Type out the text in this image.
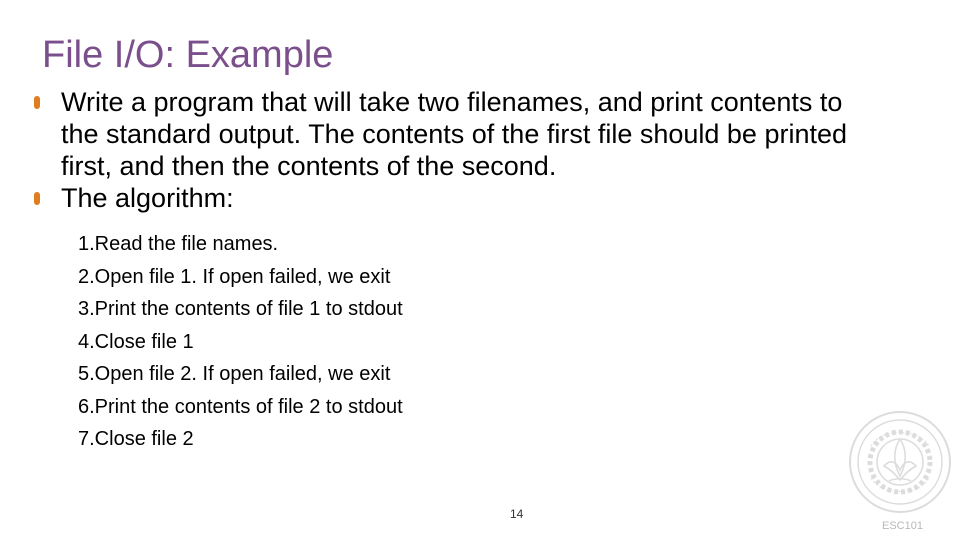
File I/O: Example
Write a program that will take two filenames, and print contents to the standard output. The contents of the first file should be printed first, and then the contents of the second.
The algorithm:
1.Read the file names.
2.Open file 1. If open failed, we exit
3.Print the contents of file 1 to stdout
4.Close file 1
5.Open file 2. If open failed, we exit
6.Print the contents of file 2 to stdout
7.Close file 2
14
ESC101
